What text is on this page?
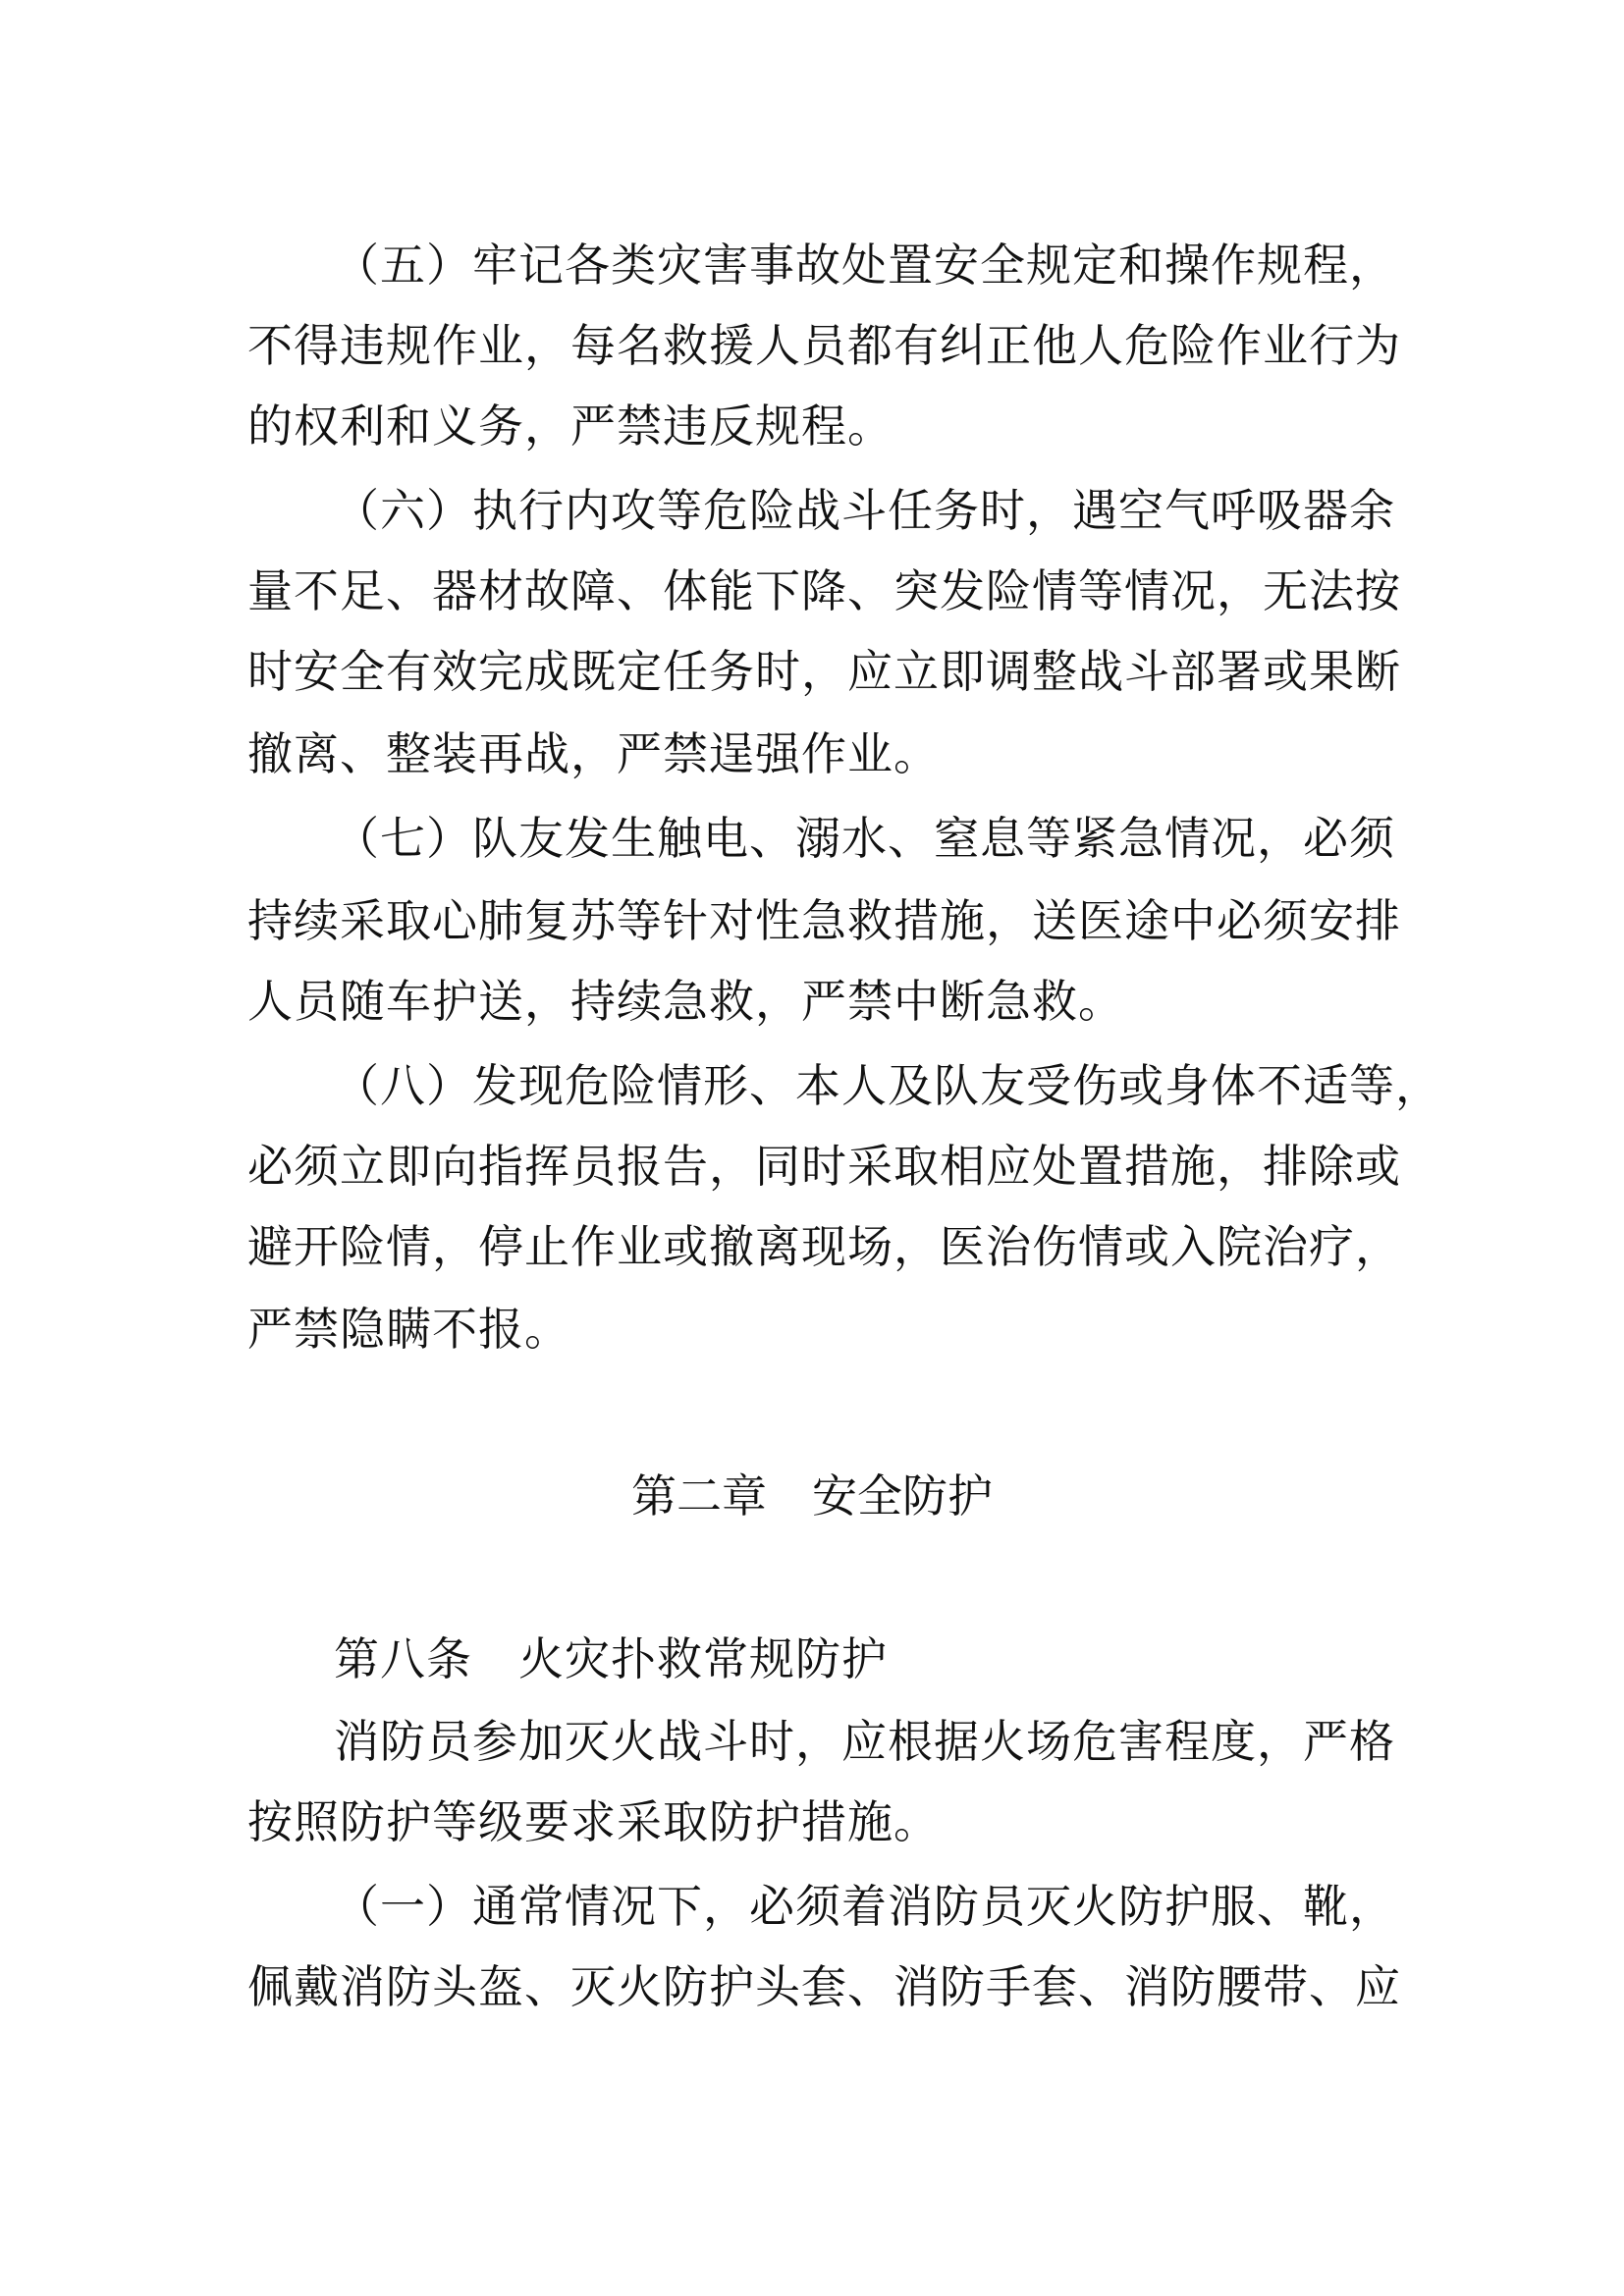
（五）牢记各类灾害事故处置安全规定和操作规程，
不得违规作业，每名救援人员都有纠正他人危险作业行为
的权利和义务，严禁违反规程。
（六）执行内攻等危险战斗任务时，遇空气呼吸器余
量不足、器材故障、体能下降、突发险情等情况，无法按
时安全有效完成既定任务时，应立即调整战斗部署或果断
撤离、整装再战，严禁逞强作业。
（七）队友发生触电、溺水、窒息等紧急情况，必须
持续采取心肺复苏等针对性急救措施，送医途中必须安排
人员随车护送，持续急救，严禁中断急救。
（八）发现危险情形、本人及队友受伤或身体不适等，
必须立即向指挥员报告，同时采取相应处置措施，排除或
避开险情，停止作业或撤离现场，医治伤情或入院治疗，
严禁隐瞒不报。
第二章　安全防护
第八条　火灾扑救常规防护
消防员参加灭火战斗时，应根据火场危害程度，严格
按照防护等级要求采取防护措施。
（一）通常情况下，必须着消防员灭火防护服、靴，
佩戴消防头盔、灭火防护头套、消防手套、消防腰带、应
